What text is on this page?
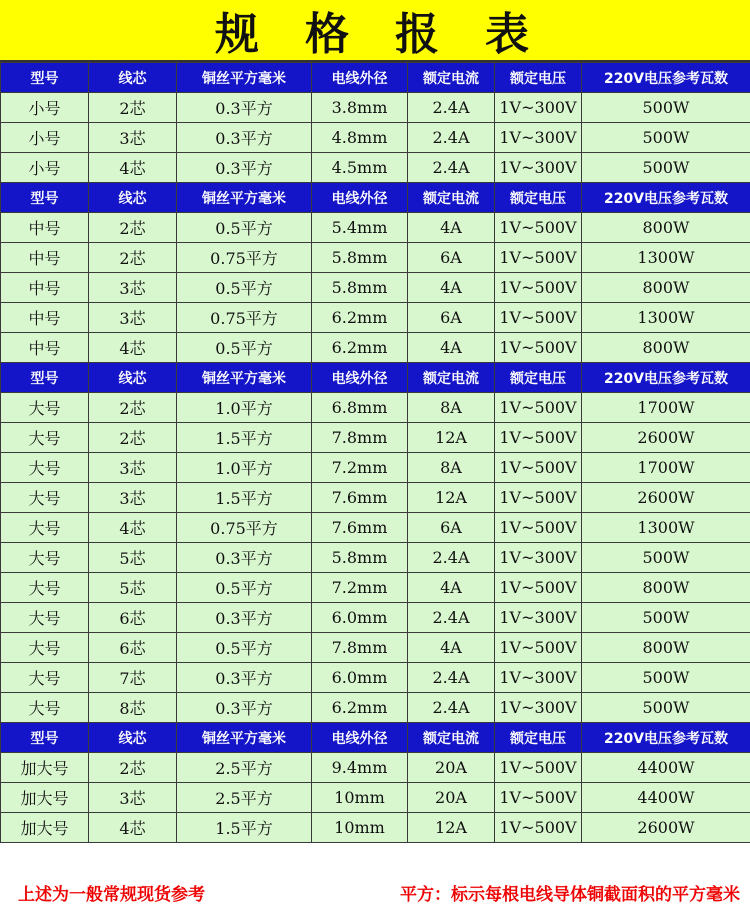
规格报表
型号	线芯	铜丝平方毫米	电线外径	额定电流	额定电压	220V电压参考瓦数
小号	2芯	0.3平方	3.8mm	2.4A	1V~300V	500W
小号	3芯	0.3平方	4.8mm	2.4A	1V~300V	500W
小号	4芯	0.3平方	4.5mm	2.4A	1V~300V	500W
型号	线芯	铜丝平方毫米	电线外径	额定电流	额定电压	220V电压参考瓦数
中号	2芯	0.5平方	5.4mm	4A	1V~500V	800W
中号	2芯	0.75平方	5.8mm	6A	1V~500V	1300W
中号	3芯	0.5平方	5.8mm	4A	1V~500V	800W
中号	3芯	0.75平方	6.2mm	6A	1V~500V	1300W
中号	4芯	0.5平方	6.2mm	4A	1V~500V	800W
型号	线芯	铜丝平方毫米	电线外径	额定电流	额定电压	220V电压参考瓦数
大号	2芯	1.0平方	6.8mm	8A	1V~500V	1700W
大号	2芯	1.5平方	7.8mm	12A	1V~500V	2600W
大号	3芯	1.0平方	7.2mm	8A	1V~500V	1700W
大号	3芯	1.5平方	7.6mm	12A	1V~500V	2600W
大号	4芯	0.75平方	7.6mm	6A	1V~500V	1300W
大号	5芯	0.3平方	5.8mm	2.4A	1V~300V	500W
大号	5芯	0.5平方	7.2mm	4A	1V~500V	800W
大号	6芯	0.3平方	6.0mm	2.4A	1V~300V	500W
大号	6芯	0.5平方	7.8mm	4A	1V~500V	800W
大号	7芯	0.3平方	6.0mm	2.4A	1V~300V	500W
大号	8芯	0.3平方	6.2mm	2.4A	1V~300V	500W
型号	线芯	铜丝平方毫米	电线外径	额定电流	额定电压	220V电压参考瓦数
加大号	2芯	2.5平方	9.4mm	20A	1V~500V	4400W
加大号	3芯	2.5平方	10mm	20A	1V~500V	4400W
加大号	4芯	1.5平方	10mm	12A	1V~500V	2600W
上述为一般常规现货参考	平方：标示每根电线导体铜截面积的平方毫米
